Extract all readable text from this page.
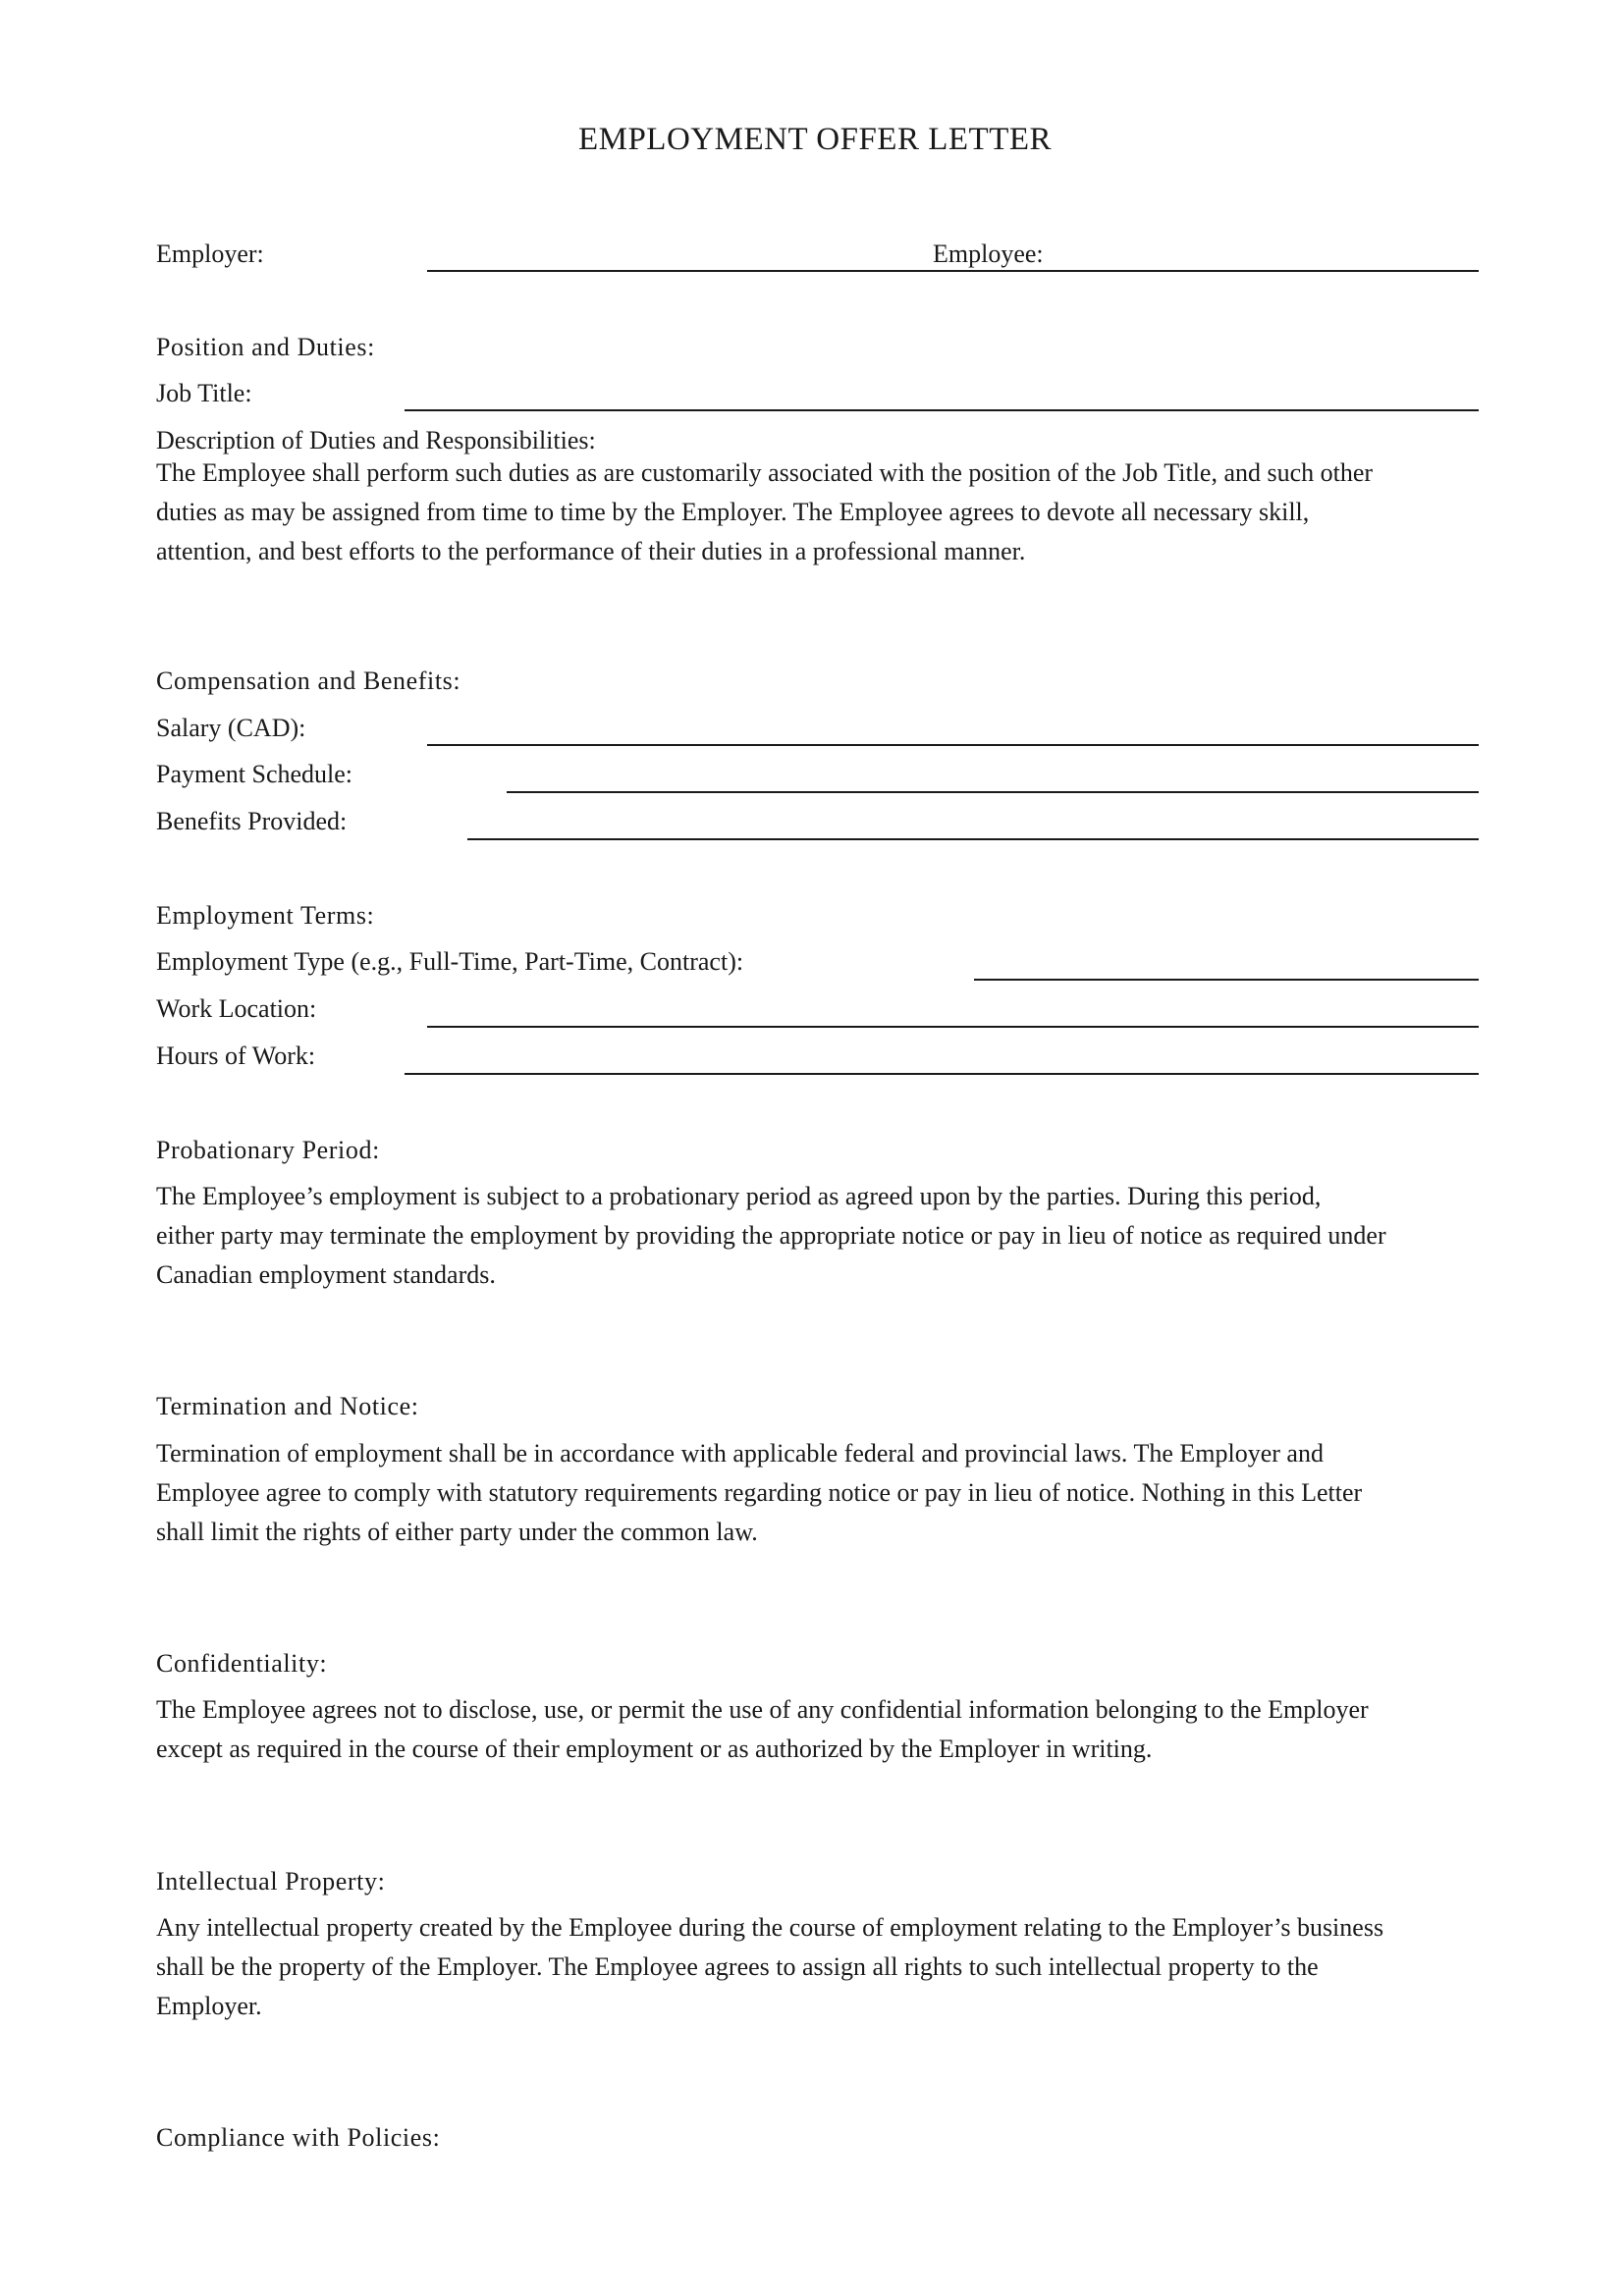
EMPLOYMENT OFFER LETTER
Employer:	Employee:
Position and Duties:
Job Title:
Description of Duties and Responsibilities:
The Employee shall perform such duties as are customarily associated with the position of the Job Title, and such other
duties as may be assigned from time to time by the Employer. The Employee agrees to devote all necessary skill,
attention, and best efforts to the performance of their duties in a professional manner.
Compensation and Benefits:
Salary (CAD):
Payment Schedule:
Benefits Provided:
Employment Terms:
Employment Type (e.g., Full-Time, Part-Time, Contract):
Work Location:
Hours of Work:
Probationary Period:
The Employee’s employment is subject to a probationary period as agreed upon by the parties. During this period,
either party may terminate the employment by providing the appropriate notice or pay in lieu of notice as required under
Canadian employment standards.
Termination and Notice:
Termination of employment shall be in accordance with applicable federal and provincial laws. The Employer and
Employee agree to comply with statutory requirements regarding notice or pay in lieu of notice. Nothing in this Letter
shall limit the rights of either party under the common law.
Confidentiality:
The Employee agrees not to disclose, use, or permit the use of any confidential information belonging to the Employer
except as required in the course of their employment or as authorized by the Employer in writing.
Intellectual Property:
Any intellectual property created by the Employee during the course of employment relating to the Employer’s business
shall be the property of the Employer. The Employee agrees to assign all rights to such intellectual property to the
Employer.
Compliance with Policies:
